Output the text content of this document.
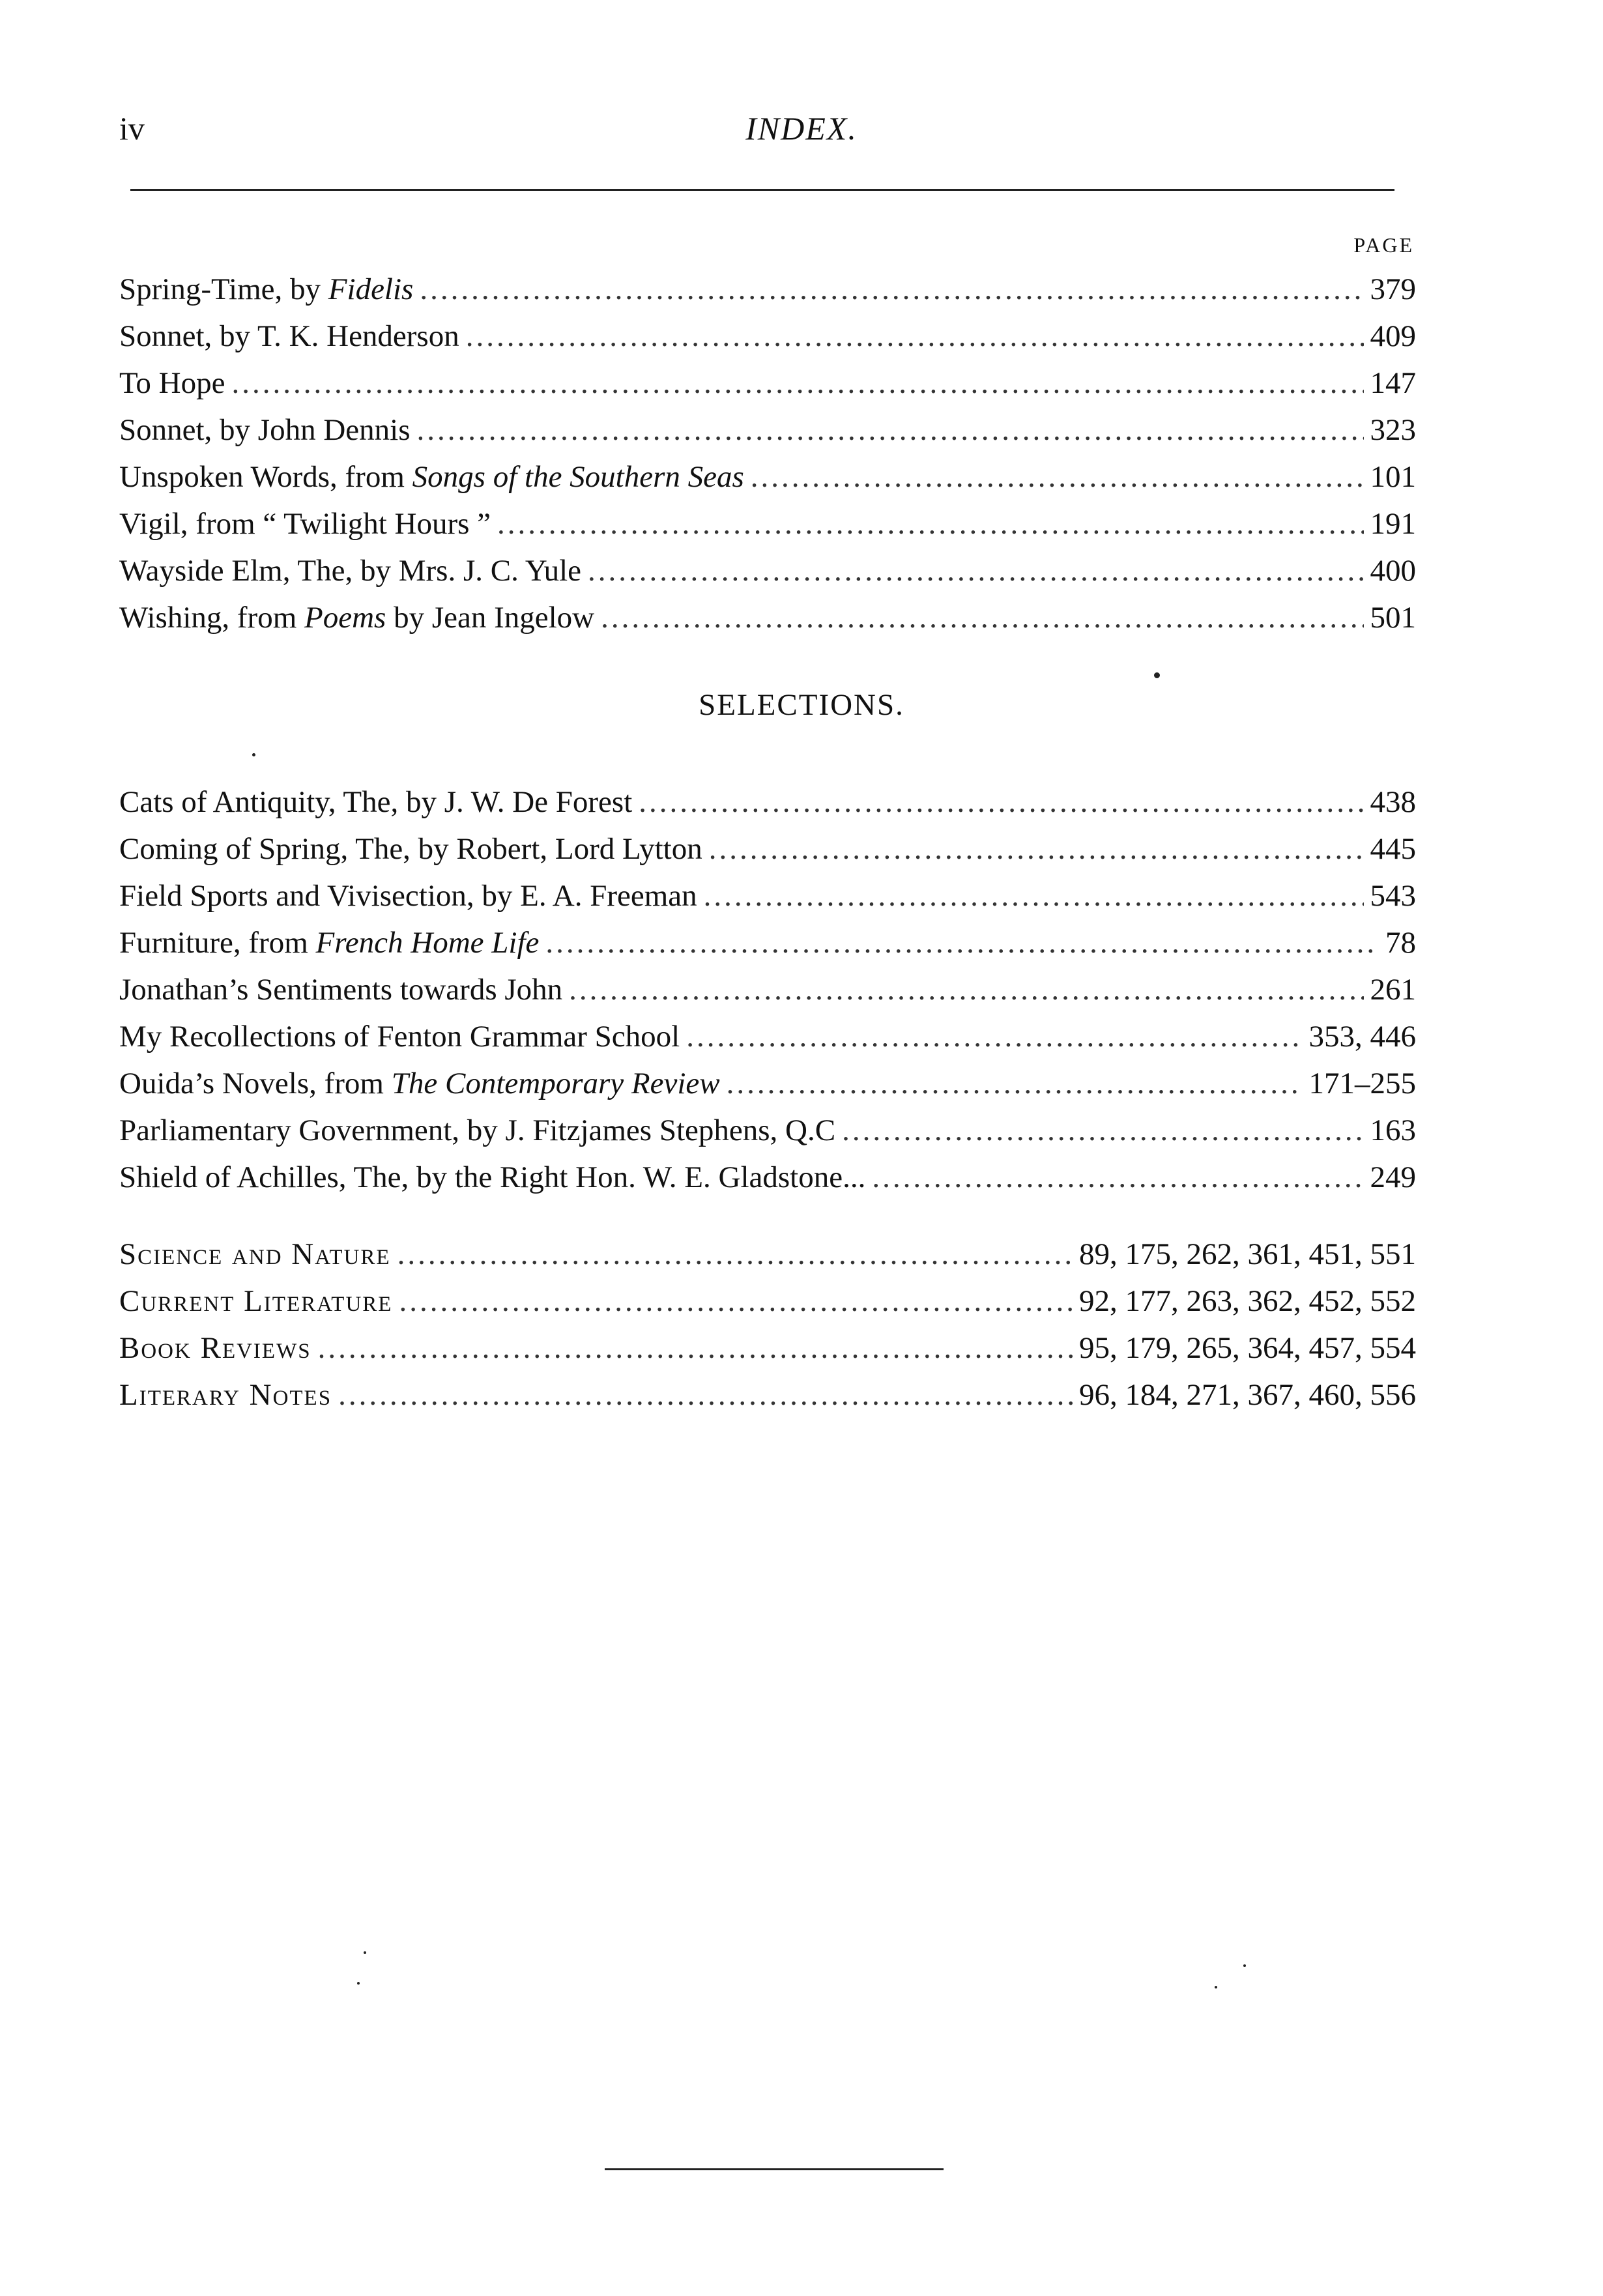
iv	INDEX.
PAGE
Spring-Time, by Fidelis .....	379
Sonnet, by T. K. Henderson .....	409
To Hope .....	147
Sonnet, by John Dennis .....	323
Unspoken Words, from Songs of the Southern Seas .....	101
Vigil, from “ Twilight Hours ” .....	191
Wayside Elm, The, by Mrs. J. C. Yule .....	400
Wishing, from Poems by Jean Ingelow .....	501
SELECTIONS.
Cats of Antiquity, The, by J. W. De Forest .....	438
Coming of Spring, The, by Robert, Lord Lytton .....	445
Field Sports and Vivisection, by E. A. Freeman .....	543
Furniture, from French Home Life .....	78
Jonathan’s Sentiments towards John .....	261
My Recollections of Fenton Grammar School .....	353, 446
Ouida’s Novels, from The Contemporary Review .....	171–255
Parliamentary Government, by J. Fitzjames Stephens, Q.C .....	163
Shield of Achilles, The, by the Right Hon. W. E. Gladstone... .....	249
Science and Nature .....	89, 175, 262, 361, 451, 551
Current Literature .....	92, 177, 263, 362, 452, 552
Book Reviews .....	95, 179, 265, 364, 457, 554
Literary Notes .....	96, 184, 271, 367, 460, 556
